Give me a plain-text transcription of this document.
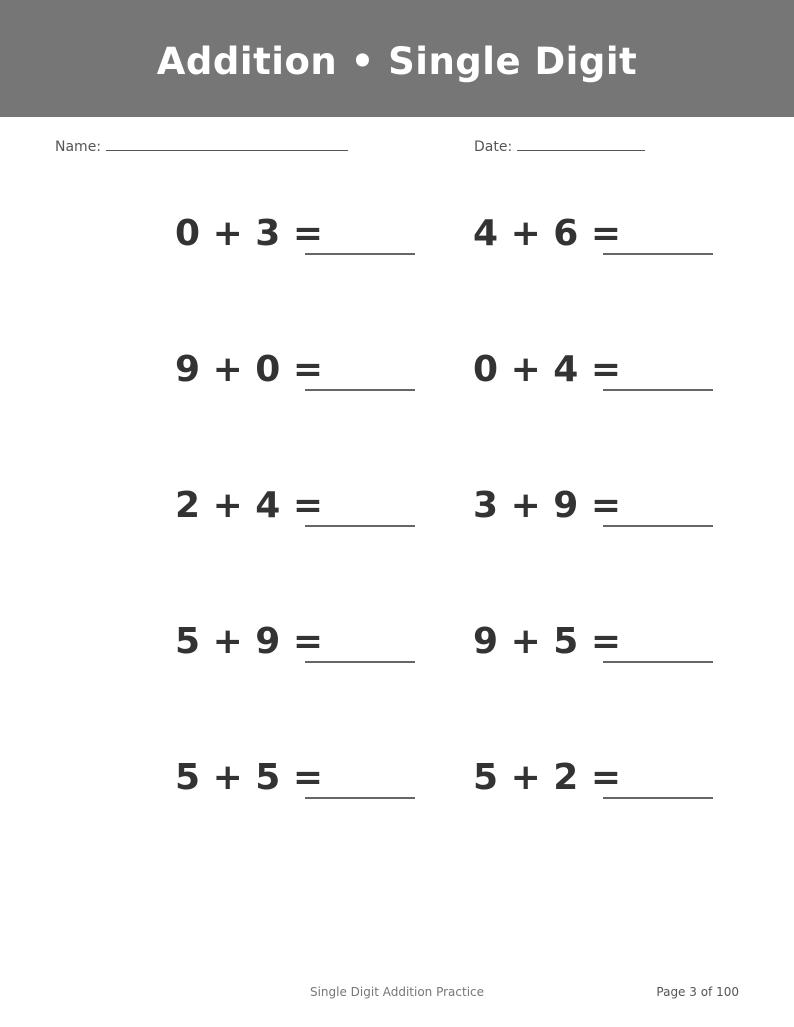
Addition • Single Digit
Name:	Date:
0 + 3 =	4 + 6 =
9 + 0 =	0 + 4 =
2 + 4 =	3 + 9 =
5 + 9 =	9 + 5 =
5 + 5 =	5 + 2 =
Single Digit Addition Practice	Page 3 of 100
